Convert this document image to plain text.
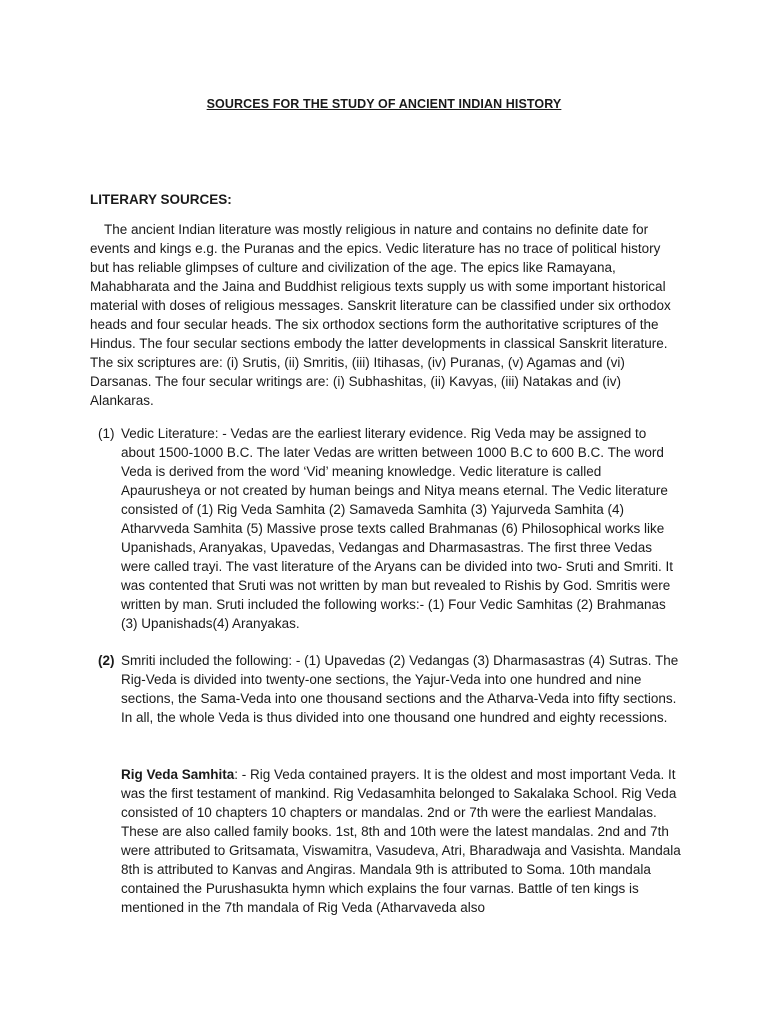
SOURCES FOR THE STUDY OF ANCIENT INDIAN HISTORY
LITERARY SOURCES:
The ancient Indian literature was mostly religious in nature and contains no definite date for events and kings e.g. the Puranas and the epics. Vedic literature has no trace of political history but has reliable glimpses of culture and civilization of the age. The epics like Ramayana, Mahabharata and the Jaina and Buddhist religious texts supply us with some important historical material with doses of religious messages. Sanskrit literature can be classified under six orthodox heads and four secular heads. The six orthodox sections form the authoritative scriptures of the Hindus. The four secular sections embody the latter developments in classical Sanskrit literature. The six scriptures are: (i) Srutis, (ii) Smritis, (iii) Itihasas, (iv) Puranas, (v) Agamas and (vi) Darsanas. The four secular writings are: (i) Subhashitas, (ii) Kavyas, (iii) Natakas and (iv) Alankaras.
(1) Vedic Literature: - Vedas are the earliest literary evidence. Rig Veda may be assigned to about 1500-1000 B.C. The later Vedas are written between 1000 B.C to 600 B.C. The word Veda is derived from the word ‘Vid’ meaning knowledge. Vedic literature is called Apaurusheya or not created by human beings and Nitya means eternal. The Vedic literature consisted of (1) Rig Veda Samhita (2) Samaveda Samhita (3) Yajurveda Samhita (4) Atharvveda Samhita (5) Massive prose texts called Brahmanas (6) Philosophical works like Upanishads, Aranyakas, Upavedas, Vedangas and Dharmasastras. The first three Vedas were called trayi. The vast literature of the Aryans can be divided into two- Sruti and Smriti. It was contented that Sruti was not written by man but revealed to Rishis by God. Smritis were written by man. Sruti included the following works:- (1) Four Vedic Samhitas (2) Brahmanas (3) Upanishads(4) Aranyakas.
(2) Smriti included the following: - (1) Upavedas (2) Vedangas (3) Dharmasastras (4) Sutras. The Rig-Veda is divided into twenty-one sections, the Yajur-Veda into one hundred and nine sections, the Sama-Veda into one thousand sections and the Atharva-Veda into fifty sections. In all, the whole Veda is thus divided into one thousand one hundred and eighty recessions.
Rig Veda Samhita: - Rig Veda contained prayers. It is the oldest and most important Veda. It was the first testament of mankind. Rig Vedasamhita belonged to Sakalaka School. Rig Veda consisted of 10 chapters 10 chapters or mandalas. 2nd or 7th were the earliest Mandalas. These are also called family books. 1st, 8th and 10th were the latest mandalas. 2nd and 7th were attributed to Gritsamata, Viswamitra, Vasudeva, Atri, Bharadwaja and Vasishta. Mandala 8th is attributed to Kanvas and Angiras. Mandala 9th is attributed to Soma. 10th mandala contained the Purushasukta hymn which explains the four varnas. Battle of ten kings is mentioned in the 7th mandala of Rig Veda (Atharvaveda also
